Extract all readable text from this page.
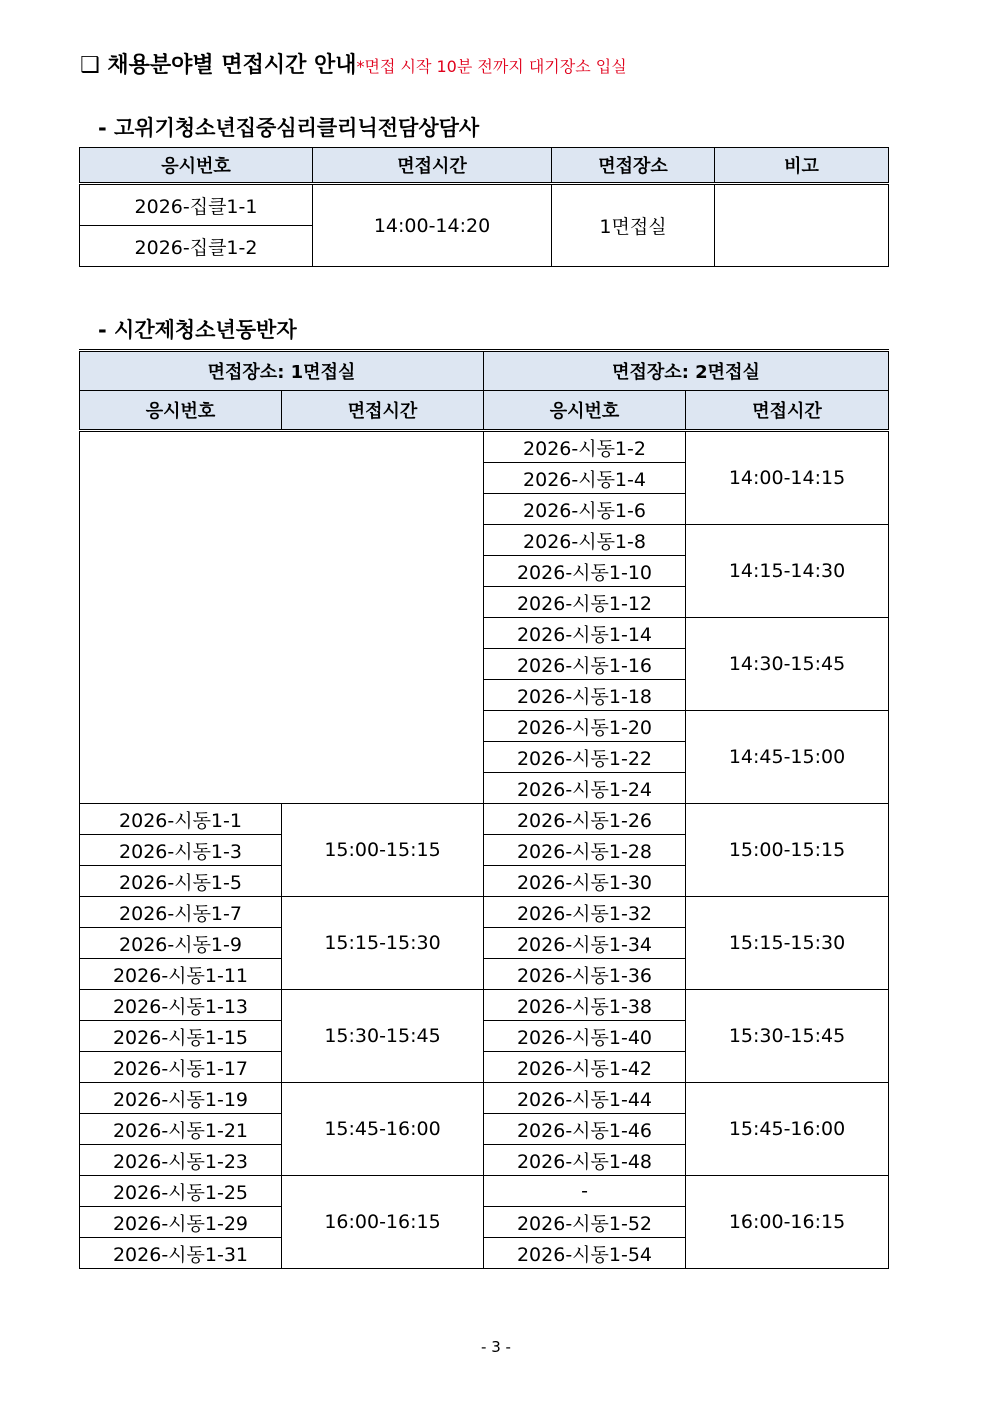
❑ 채용분야별 면접시간 안내*면접 시작 10분 전까지 대기장소 입실
- 고위기청소년집중심리클리닉전담상담사
응시번호	면접시간	면접장소	비고
2026-집클1-1	14:00-14:20	1면접실	
2026-집클1-2			
- 시간제청소년동반자
면접장소: 1면접실		면접장소: 2면접실	
응시번호	면접시간	응시번호	면접시간
		2026-시동1-2	14:00-14:15
		2026-시동1-4	
		2026-시동1-6	
		2026-시동1-8	14:15-14:30
		2026-시동1-10	
		2026-시동1-12	
		2026-시동1-14	14:30-15:45
		2026-시동1-16	
		2026-시동1-18	
		2026-시동1-20	14:45-15:00
		2026-시동1-22	
		2026-시동1-24	
2026-시동1-1	15:00-15:15	2026-시동1-26	15:00-15:15
2026-시동1-3		2026-시동1-28	
2026-시동1-5		2026-시동1-30	
2026-시동1-7	15:15-15:30	2026-시동1-32	15:15-15:30
2026-시동1-9		2026-시동1-34	
2026-시동1-11		2026-시동1-36	
2026-시동1-13	15:30-15:45	2026-시동1-38	15:30-15:45
2026-시동1-15		2026-시동1-40	
2026-시동1-17		2026-시동1-42	
2026-시동1-19	15:45-16:00	2026-시동1-44	15:45-16:00
2026-시동1-21		2026-시동1-46	
2026-시동1-23		2026-시동1-48	
2026-시동1-25	16:00-16:15	-	16:00-16:15
2026-시동1-29		2026-시동1-52	
2026-시동1-31		2026-시동1-54	
- 3 -
